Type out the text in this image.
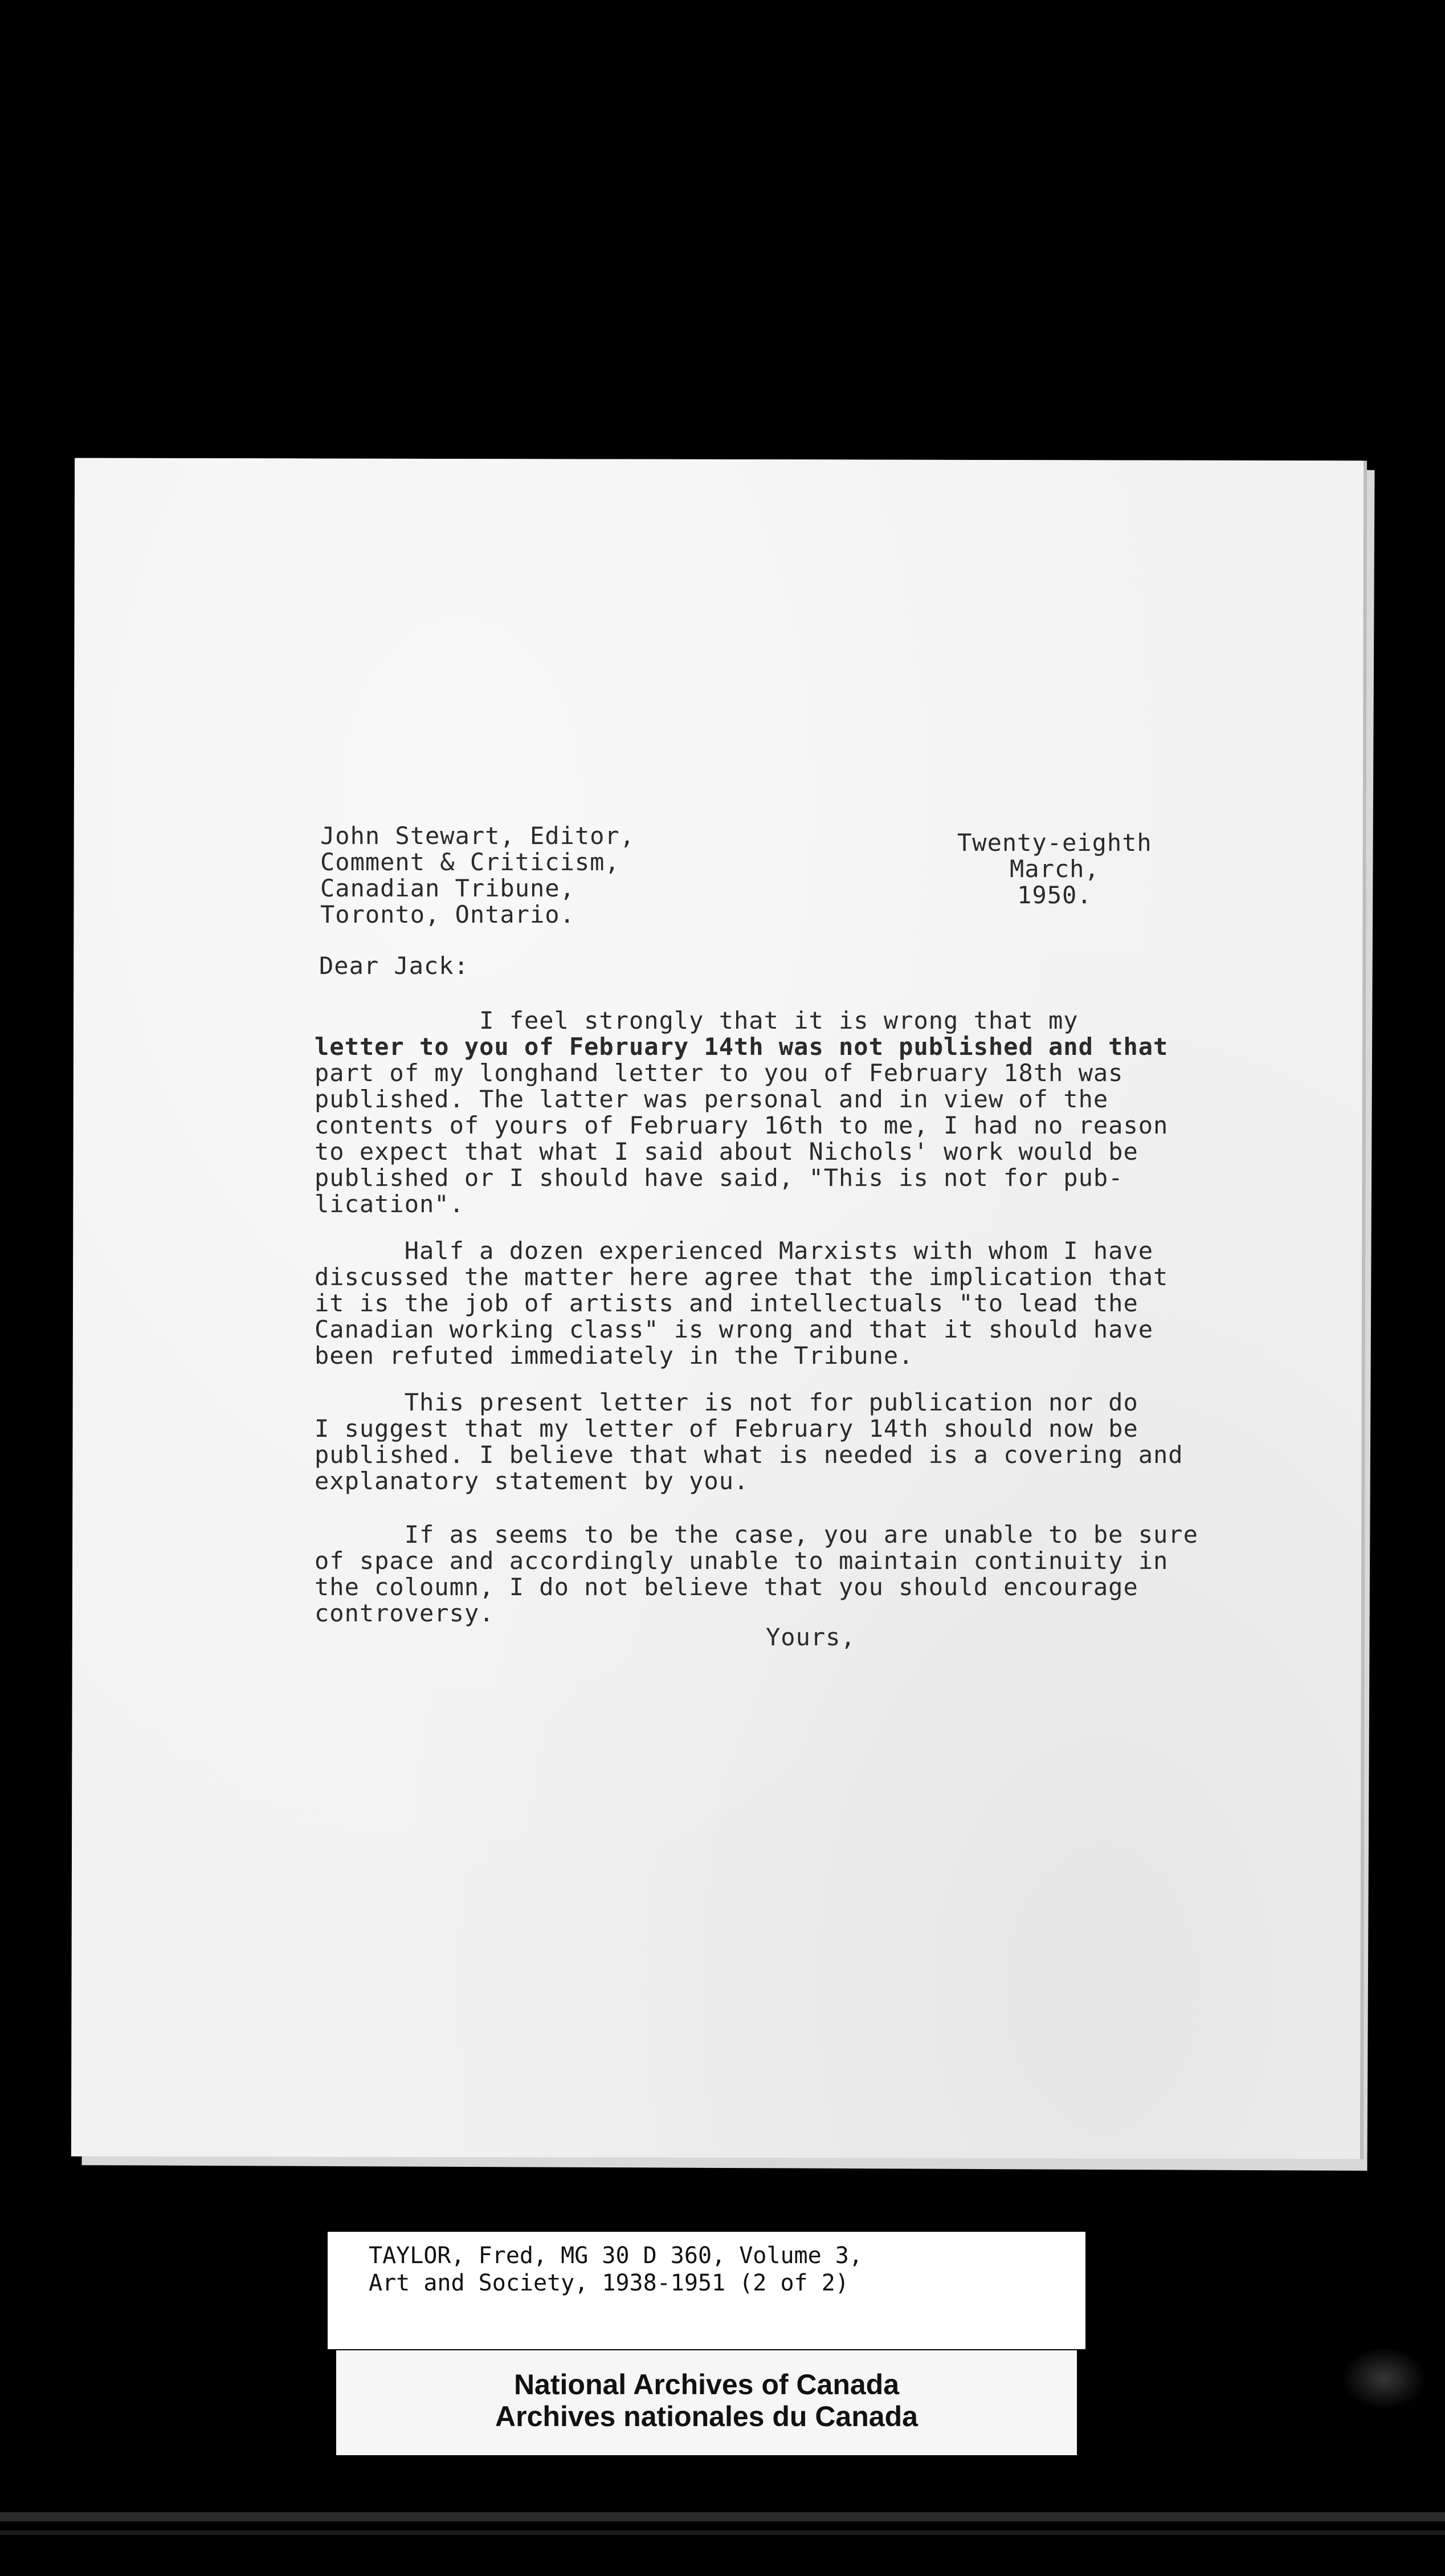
John Stewart, Editor,
Comment & Criticism,
Canadian Tribune,
Toronto, Ontario.
Twenty-eighth
March,
1950.
Dear Jack:
I feel strongly that it is wrong that my
letter to you of February 14th was not published and that
part of my longhand letter to you of February 18th was
published. The latter was personal and in view of the
contents of yours of February 16th to me, I had no reason
to expect that what I said about Nichols' work would be
published or I should have said, "This is not for pub-
lication".
Half a dozen experienced Marxists with whom I have
discussed the matter here agree that the implication that
it is the job of artists and intellectuals "to lead the
Canadian working class" is wrong and that it should have
been refuted immediately in the Tribune.
This present letter is not for publication nor do
I suggest that my letter of February 14th should now be
published. I believe that what is needed is a covering and
explanatory statement by you.
If as seems to be the case, you are unable to be sure
of space and accordingly unable to maintain continuity in
the coloumn, I do not believe that you should encourage
controversy.
Yours,
TAYLOR, Fred, MG 30 D 360, Volume 3,
Art and Society, 1938-1951 (2 of 2)
National Archives of Canada
Archives nationales du Canada
